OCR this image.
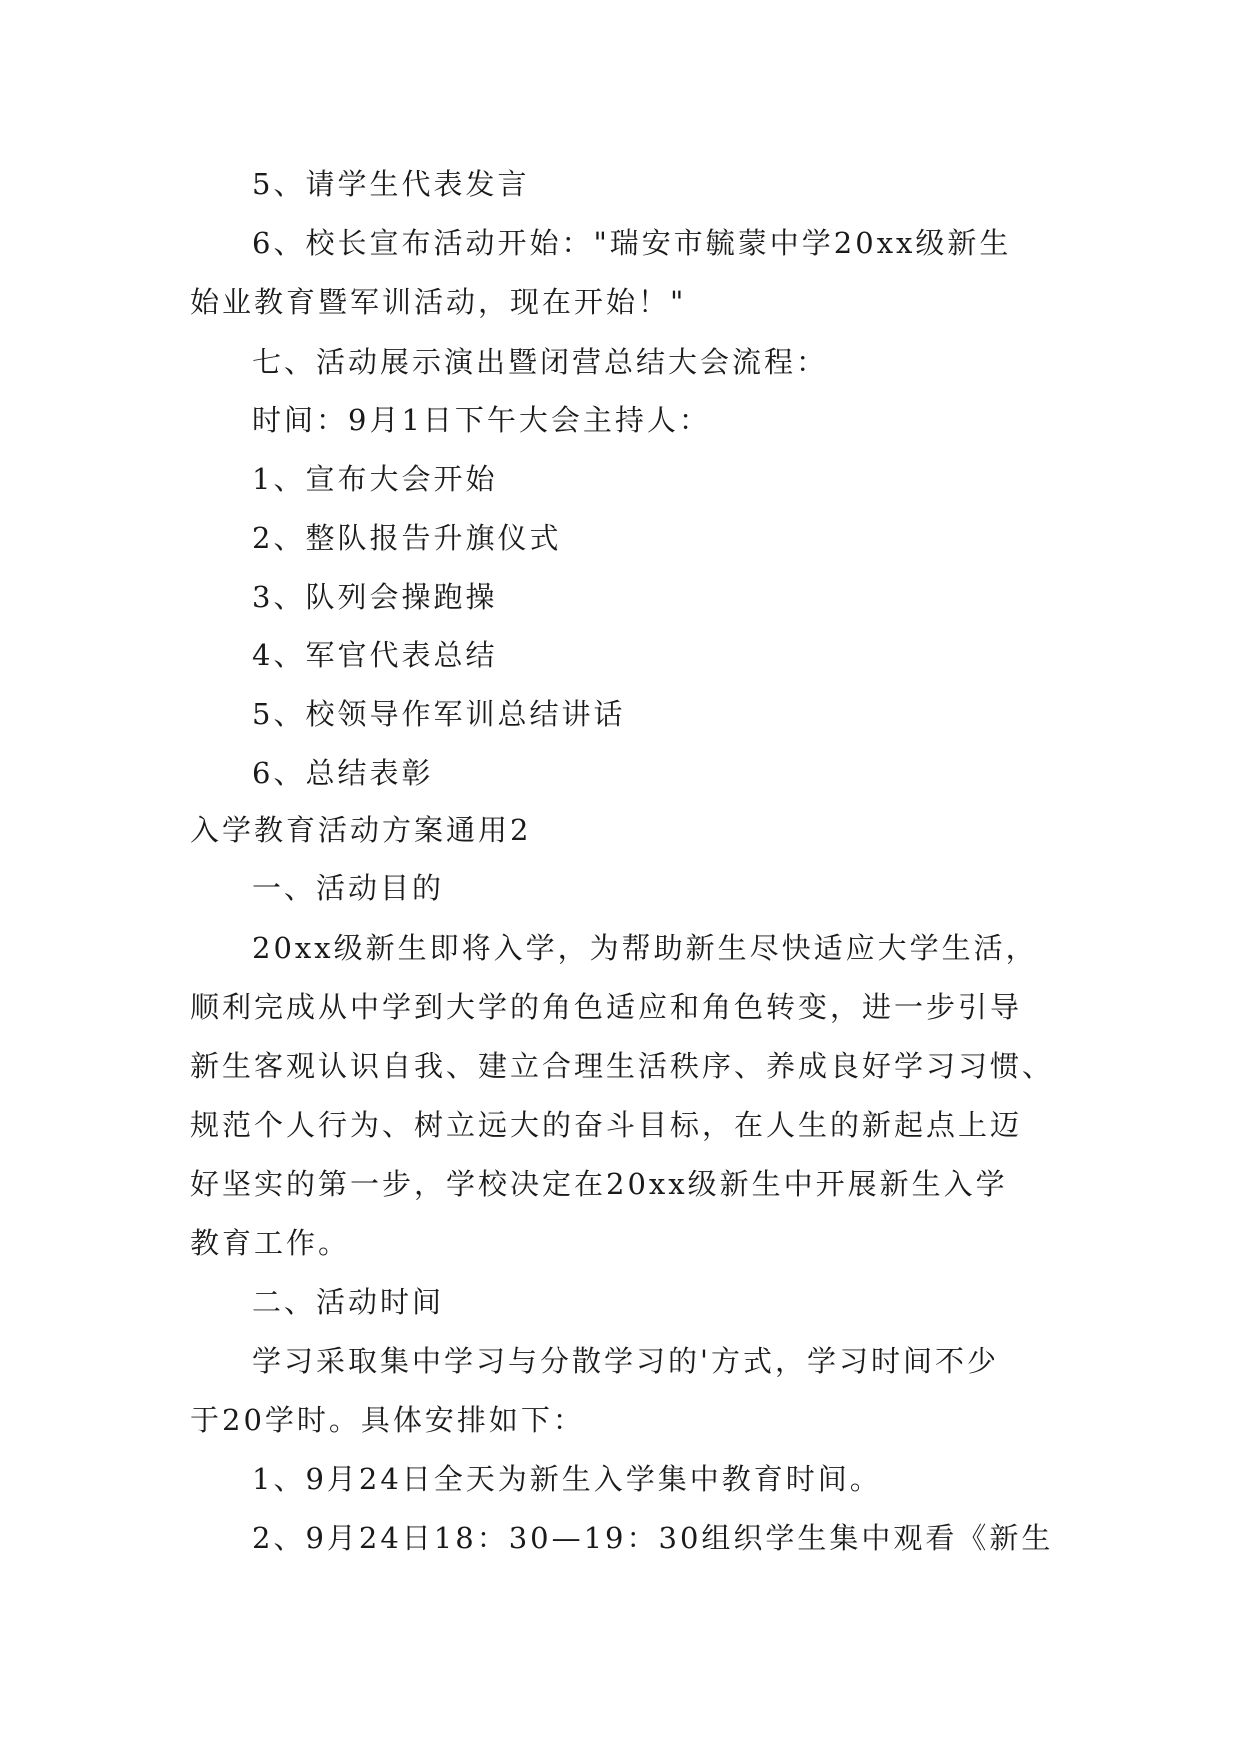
5、请学生代表发言
6、校长宣布活动开始："瑞安市毓蒙中学20xx级新生
始业教育暨军训活动，现在开始！"
七、活动展示演出暨闭营总结大会流程：
时间：9月1日下午大会主持人：
1、宣布大会开始
2、整队报告升旗仪式
3、队列会操跑操
4、军官代表总结
5、校领导作军训总结讲话
6、总结表彰
入学教育活动方案通用2
一、活动目的
20xx级新生即将入学，为帮助新生尽快适应大学生活，
顺利完成从中学到大学的角色适应和角色转变，进一步引导
新生客观认识自我、建立合理生活秩序、养成良好学习习惯、
规范个人行为、树立远大的奋斗目标，在人生的新起点上迈
好坚实的第一步，学校决定在20xx级新生中开展新生入学
教育工作。
二、活动时间
学习采取集中学习与分散学习的'方式，学习时间不少
于20学时。具体安排如下：
1、9月24日全天为新生入学集中教育时间。
2、9月24日18：30—19：30组织学生集中观看《新生
